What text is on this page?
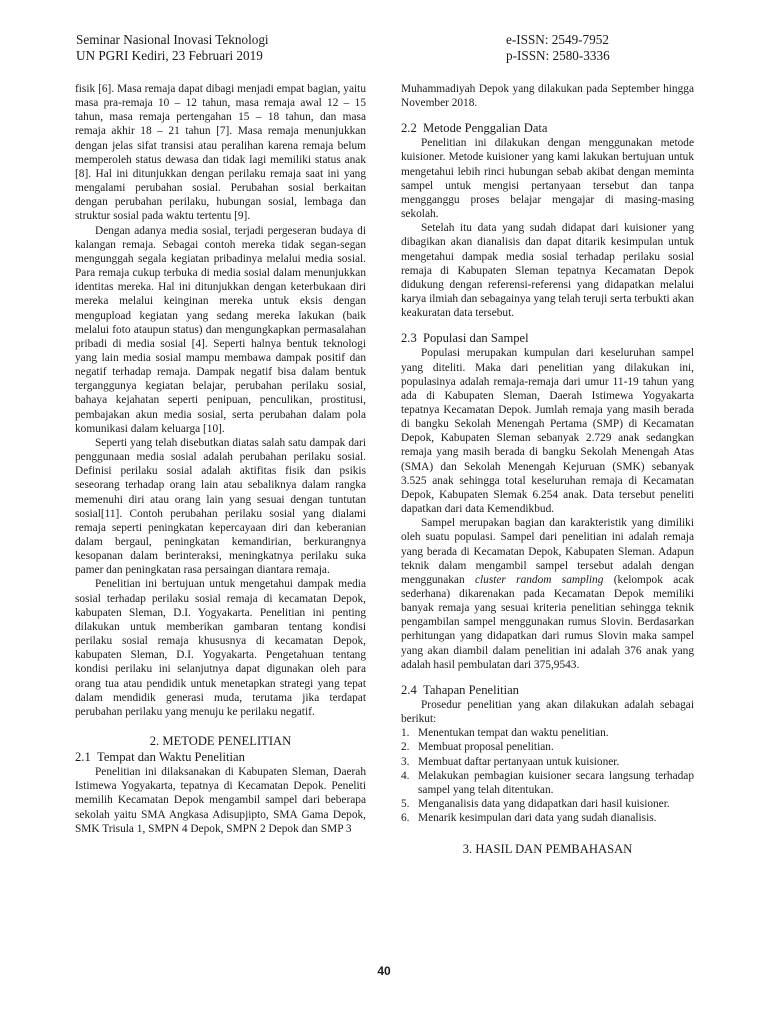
Seminar Nasional Inovasi Teknologi
UN PGRI Kediri, 23 Februari 2019
e-ISSN: 2549-7952
p-ISSN: 2580-3336

fisik [6]. Masa remaja dapat dibagi menjadi empat bagian, yaitu masa pra-remaja 10 – 12 tahun, masa remaja awal 12 – 15 tahun, masa remaja pertengahan 15 – 18 tahun, dan masa remaja akhir 18 – 21 tahun [7]. Masa remaja menunjukkan dengan jelas sifat transisi atau peralihan karena remaja belum memperoleh status dewasa dan tidak lagi memiliki status anak [8]. Hal ini ditunjukkan dengan perilaku remaja saat ini yang mengalami perubahan sosial. Perubahan sosial berkaitan dengan perubahan perilaku, hubungan sosial, lembaga dan struktur sosial pada waktu tertentu [9].

Dengan adanya media sosial, terjadi pergeseran budaya di kalangan remaja. Sebagai contoh mereka tidak segan-segan mengunggah segala kegiatan pribadinya melalui media sosial. Para remaja cukup terbuka di media sosial dalam menunjukkan identitas mereka. Hal ini ditunjukkan dengan keterbukaan diri mereka melalui keinginan mereka untuk eksis dengan mengupload kegiatan yang sedang mereka lakukan (baik melalui foto ataupun status) dan mengungkapkan permasalahan pribadi di media sosial [4]. Seperti halnya bentuk teknologi yang lain media sosial mampu membawa dampak positif dan negatif terhadap remaja. Dampak negatif bisa dalam bentuk terganggunya kegiatan belajar, perubahan perilaku sosial, bahaya kejahatan seperti penipuan, penculikan, prostitusi, pembajakan akun media sosial, serta perubahan dalam pola komunikasi dalam keluarga [10].

Seperti yang telah disebutkan diatas salah satu dampak dari penggunaan media sosial adalah perubahan perilaku sosial. Definisi perilaku sosial adalah aktifitas fisik dan psikis seseorang terhadap orang lain atau sebaliknya dalam rangka memenuhi diri atau orang lain yang sesuai dengan tuntutan sosial[11]. Contoh perubahan perilaku sosial yang dialami remaja seperti peningkatan kepercayaan diri dan keberanian dalam bergaul, peningkatan kemandirian, berkurangnya kesopanan dalam berinteraksi, meningkatnya perilaku suka pamer dan peningkatan rasa persaingan diantara remaja.

Penelitian ini bertujuan untuk mengetahui dampak media sosial terhadap perilaku sosial remaja di kecamatan Depok, kabupaten Sleman, D.I. Yogyakarta. Penelitian ini penting dilakukan untuk memberikan gambaran tentang kondisi perilaku sosial remaja khususnya di kecamatan Depok, kabupaten Sleman, D.I. Yogyakarta. Pengetahuan tentang kondisi perilaku ini selanjutnya dapat digunakan oleh para orang tua atau pendidik untuk menetapkan strategi yang tepat dalam mendidik generasi muda, terutama jika terdapat perubahan perilaku yang menuju ke perilaku negatif.

2. METODE PENELITIAN

2.1 Tempat dan Waktu Penelitian

Penelitian ini dilaksanakan di Kabupaten Sleman, Daerah Istimewa Yogyakarta, tepatnya di Kecamatan Depok. Peneliti memilih Kecamatan Depok mengambil sampel dari beberapa sekolah yaitu SMA Angkasa Adisupjipto, SMA Gama Depok, SMK Trisula 1, SMPN 4 Depok, SMPN 2 Depok dan SMP 3

Muhammadiyah Depok yang dilakukan pada September hingga November 2018.

2.2 Metode Penggalian Data

Penelitian ini dilakukan dengan menggunakan metode kuisioner. Metode kuisioner yang kami lakukan bertujuan untuk mengetahui lebih rinci hubungan sebab akibat dengan meminta sampel untuk mengisi pertanyaan tersebut dan tanpa mengganggu proses belajar mengajar di masing-masing sekolah.

Setelah itu data yang sudah didapat dari kuisioner yang dibagikan akan dianalisis dan dapat ditarik kesimpulan untuk mengetahui dampak media sosial terhadap perilaku sosial remaja di Kabupaten Sleman tepatnya Kecamatan Depok didukung dengan referensi-referensi yang didapatkan melalui karya ilmiah dan sebagainya yang telah teruji serta terbukti akan keakuratan data tersebut.

2.3 Populasi dan Sampel

Populasi merupakan kumpulan dari keseluruhan sampel yang diteliti. Maka dari penelitian yang dilakukan ini, populasinya adalah remaja-remaja dari umur 11-19 tahun yang ada di Kabupaten Sleman, Daerah Istimewa Yogyakarta tepatnya Kecamatan Depok. Jumlah remaja yang masih berada di bangku Sekolah Menengah Pertama (SMP) di Kecamatan Depok, Kabupaten Sleman sebanyak 2.729 anak sedangkan remaja yang masih berada di bangku Sekolah Menengah Atas (SMA) dan Sekolah Menengah Kejuruan (SMK) sebanyak 3.525 anak sehingga total keseluruhan remaja di Kecamatan Depok, Kabupaten Slemak 6.254 anak. Data tersebut peneliti dapatkan dari data Kemendikbud.

Sampel merupakan bagian dan karakteristik yang dimiliki oleh suatu populasi. Sampel dari penelitian ini adalah remaja yang berada di Kecamatan Depok, Kabupaten Sleman. Adapun teknik dalam mengambil sampel tersebut adalah dengan menggunakan cluster random sampling (kelompok acak sederhana) dikarenakan pada Kecamatan Depok memiliki banyak remaja yang sesuai kriteria penelitian sehingga teknik pengambilan sampel menggunakan rumus Slovin. Berdasarkan perhitungan yang didapatkan dari rumus Slovin maka sampel yang akan diambil dalam penelitian ini adalah 376 anak yang adalah hasil pembulatan dari 375,9543.

2.4 Tahapan Penelitian

Prosedur penelitian yang akan dilakukan adalah sebagai berikut:

1. Menentukan tempat dan waktu penelitian.
2. Membuat proposal penelitian.
3. Membuat daftar pertanyaan untuk kuisioner.
4. Melakukan pembagian kuisioner secara langsung terhadap sampel yang telah ditentukan.
5. Menganalisis data yang didapatkan dari hasil kuisioner.
6. Menarik kesimpulan dari data yang sudah dianalisis.

3. HASIL DAN PEMBAHASAN

40
